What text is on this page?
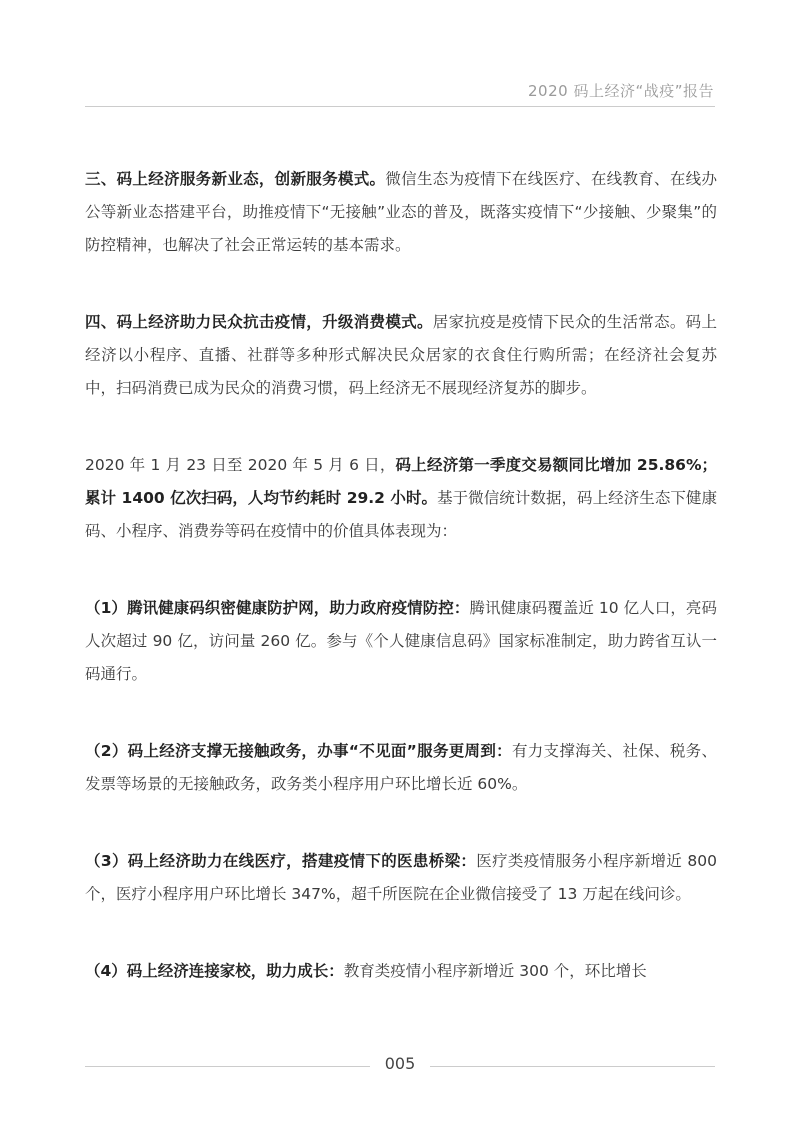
2020 码上经济“战疫”报告

三、码上经济服务新业态，创新服务模式。微信生态为疫情下在线医疗、在线教育、在线办公等新业态搭建平台，助推疫情下“无接触”业态的普及，既落实疫情下“少接触、少聚集”的防控精神，也解决了社会正常运转的基本需求。

四、码上经济助力民众抗击疫情，升级消费模式。居家抗疫是疫情下民众的生活常态。码上经济以小程序、直播、社群等多种形式解决民众居家的衣食住行购所需；在经济社会复苏中，扫码消费已成为民众的消费习惯，码上经济无不展现经济复苏的脚步。

2020 年 1 月 23 日至 2020 年 5 月 6 日，码上经济第一季度交易额同比增加 25.86%；累计 1400 亿次扫码，人均节约耗时 29.2 小时。基于微信统计数据，码上经济生态下健康码、小程序、消费券等码在疫情中的价值具体表现为：

（1）腾讯健康码织密健康防护网，助力政府疫情防控：腾讯健康码覆盖近 10 亿人口，亮码人次超过 90 亿，访问量 260 亿。参与《个人健康信息码》国家标准制定，助力跨省互认一码通行。

（2）码上经济支撑无接触政务，办事“不见面”服务更周到：有力支撑海关、社保、税务、发票等场景的无接触政务，政务类小程序用户环比增长近 60%。

（3）码上经济助力在线医疗，搭建疫情下的医患桥梁：医疗类疫情服务小程序新增近 800 个，医疗小程序用户环比增长 347%，超千所医院在企业微信接受了 13 万起在线问诊。

（4）码上经济连接家校，助力成长：教育类疫情小程序新增近 300 个，环比增长

005
